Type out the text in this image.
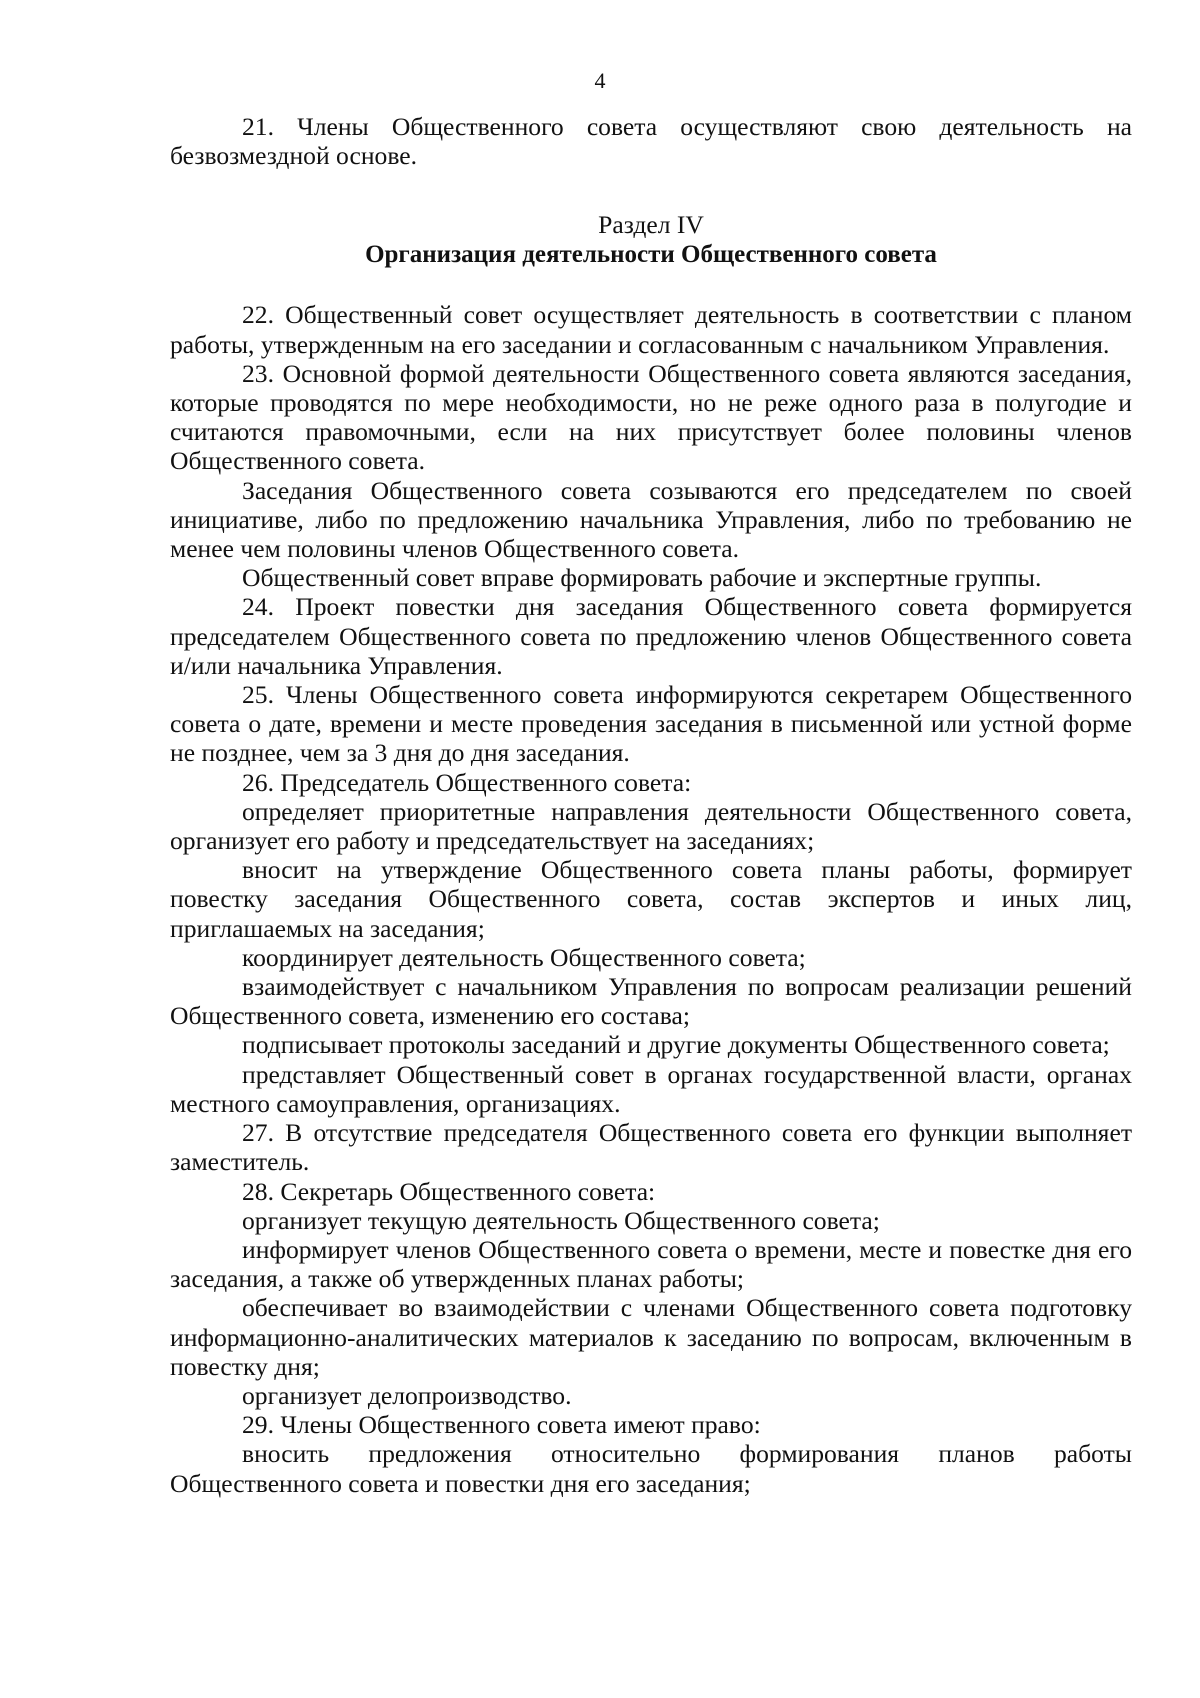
4

21. Члены Общественного совета осуществляют свою деятельность на безвозмездной основе.

Раздел IV
Организация деятельности Общественного совета

22. Общественный совет осуществляет деятельность в соответствии с планом работы, утвержденным на его заседании и согласованным с начальником Управления.

23. Основной формой деятельности Общественного совета являются заседания, которые проводятся по мере необходимости, но не реже одного раза в полугодие и считаются правомочными, если на них присутствует более половины членов Общественного совета.

Заседания Общественного совета созываются его председателем по своей инициативе, либо по предложению начальника Управления, либо по требованию не менее чем половины членов Общественного совета.

Общественный совет вправе формировать рабочие и экспертные группы.

24. Проект повестки дня заседания Общественного совета формируется председателем Общественного совета по предложению членов Общественного совета и/или начальника Управления.

25. Члены Общественного совета информируются секретарем Общественного совета о дате, времени и месте проведения заседания в письменной или устной форме не позднее, чем за 3 дня до дня заседания.

26. Председатель Общественного совета:

определяет приоритетные направления деятельности Общественного совета, организует его работу и председательствует на заседаниях;

вносит на утверждение Общественного совета планы работы, формирует повестку заседания Общественного совета, состав экспертов и иных лиц, приглашаемых на заседания;

координирует деятельность Общественного совета;

взаимодействует с начальником Управления по вопросам реализации решений Общественного совета, изменению его состава;

подписывает протоколы заседаний и другие документы Общественного совета;

представляет Общественный совет в органах государственной власти, органах местного самоуправления, организациях.

27. В отсутствие председателя Общественного совета его функции выполняет заместитель.

28. Секретарь Общественного совета:

организует текущую деятельность Общественного совета;

информирует членов Общественного совета о времени, месте и повестке дня его заседания, а также об утвержденных планах работы;

обеспечивает во взаимодействии с членами Общественного совета подготовку информационно-аналитических материалов к заседанию по вопросам, включенным в повестку дня;

организует делопроизводство.

29. Члены Общественного совета имеют право:

вносить предложения относительно формирования планов работы Общественного совета и повестки дня его заседания;
